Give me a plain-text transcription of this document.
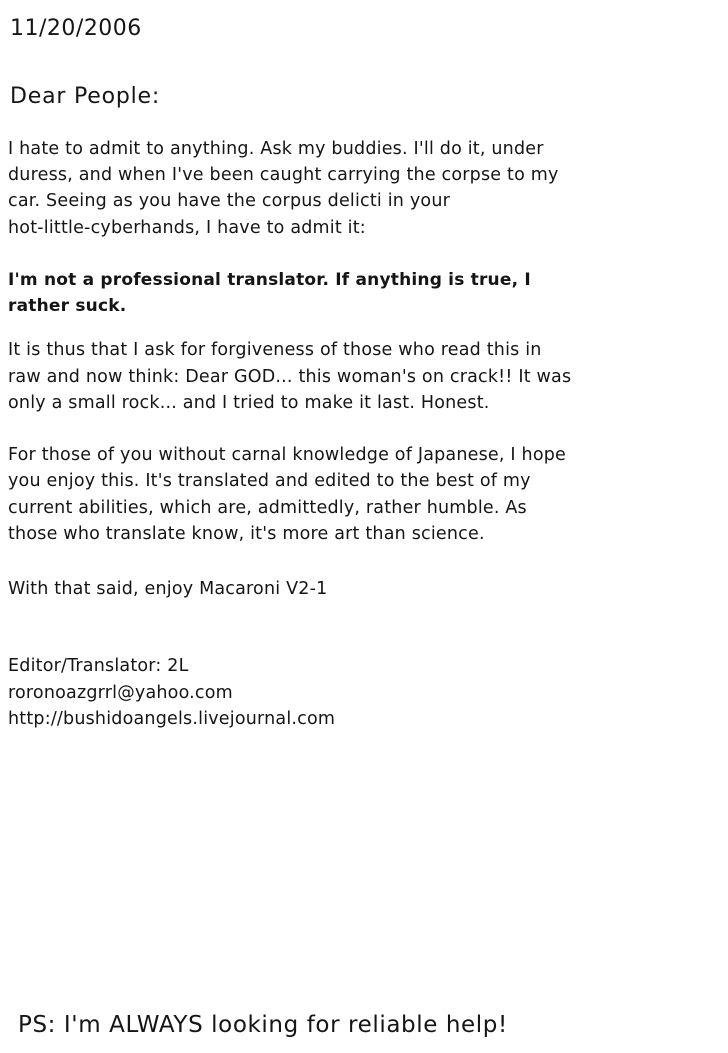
11/20/2006
Dear People:
I hate to admit to anything. Ask my buddies. I'll do it, under
duress, and when I've been caught carrying the corpse to my
car. Seeing as you have the corpus delicti in your
hot-little-cyberhands, I have to admit it:
I'm not a professional translator. If anything is true, I
rather suck.
It is thus that I ask for forgiveness of those who read this in
raw and now think: Dear GOD... this woman's on crack!! It was
only a small rock... and I tried to make it last. Honest.
For those of you without carnal knowledge of Japanese, I hope
you enjoy this. It's translated and edited to the best of my
current abilities, which are, admittedly, rather humble. As
those who translate know, it's more art than science.
With that said, enjoy Macaroni V2-1
Editor/Translator: 2L
roronoazgrrl@yahoo.com
http://bushidoangels.livejournal.com
PS: I'm ALWAYS looking for reliable help!
